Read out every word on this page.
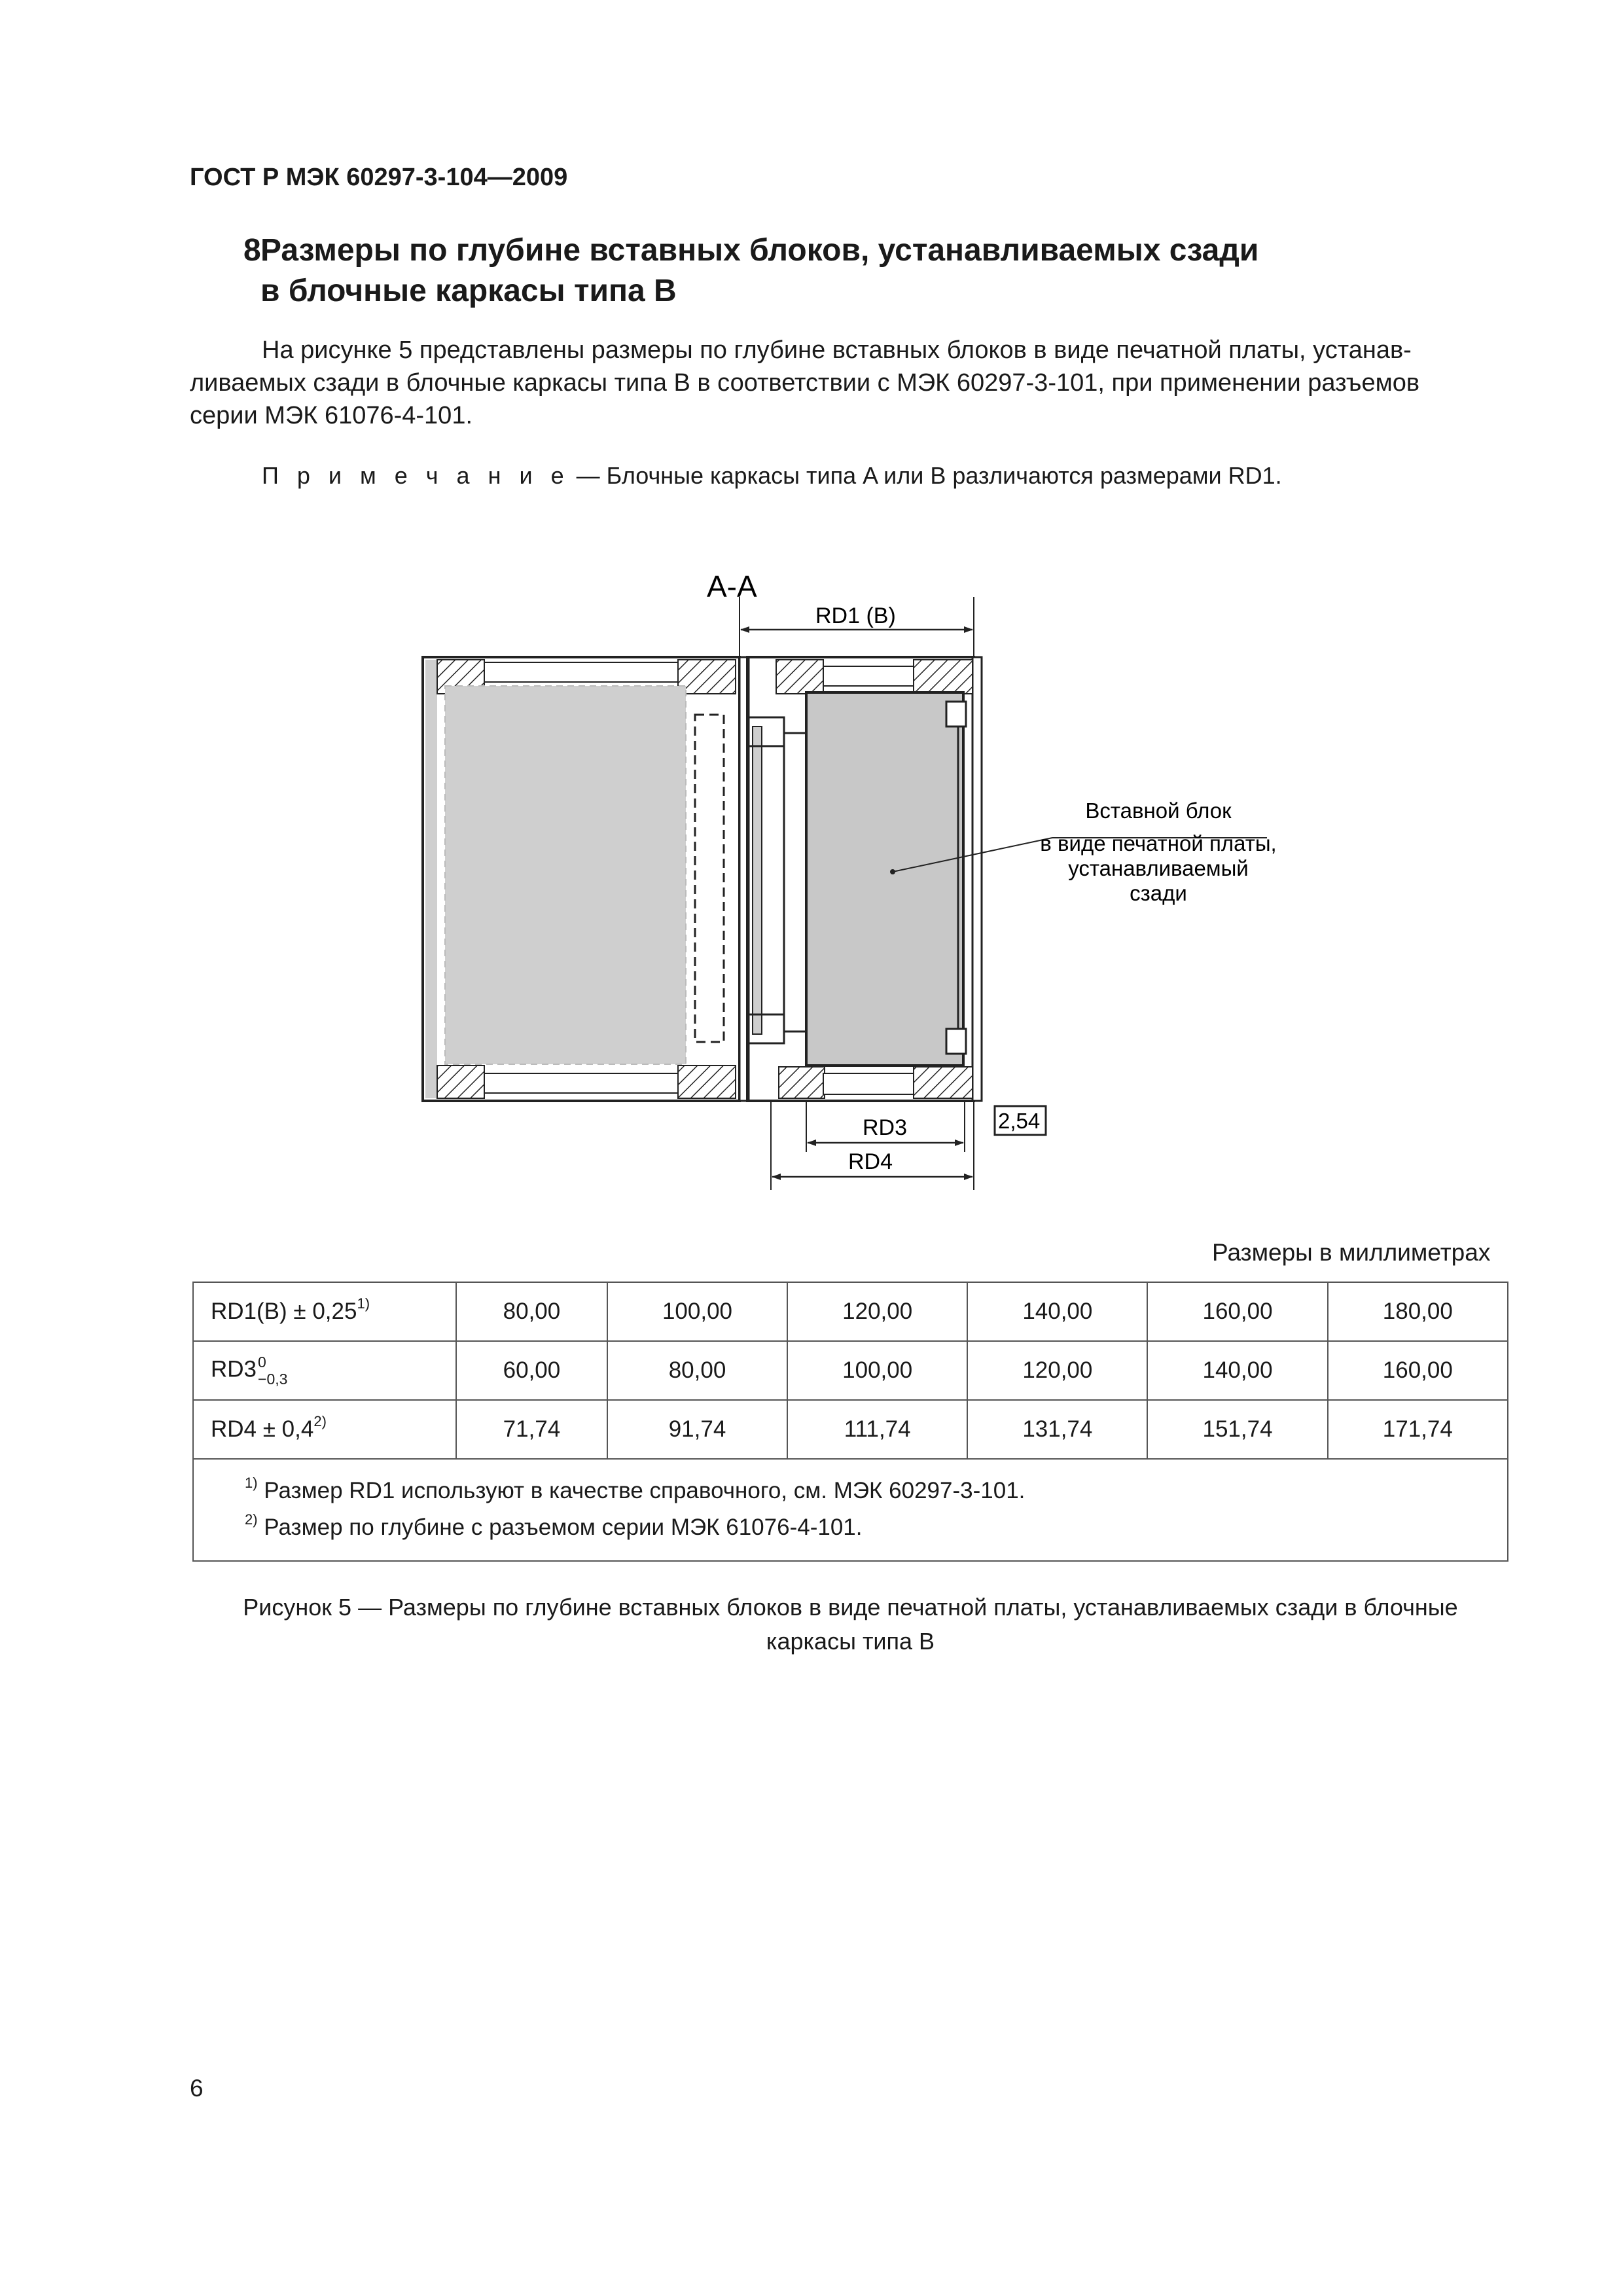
ГОСТ Р МЭК 60297-3-104—2009
8 Размеры по глубине вставных блоков, устанавливаемых сзади
в блочные каркасы типа B
На рисунке 5 представлены размеры по глубине вставных блоков в виде печатной платы, устанав-
ливаемых сзади в блочные каркасы типа B в соответствии с МЭК 60297-3-101, при применении разъемов
серии МЭК 61076-4-101.
П р и м е ч а н и е — Блочные каркасы типа A или B различаются размерами RD1.
A-A
RD1 (B)
Вставной блок
в виде печатной платы,
устанавливаемый
сзади
RD3
RD4
2,54
Размеры в миллиметрах
$RD1(B) \pm 0,25^{1)}$	80,00	100,00	120,00	140,00	160,00	180,00
RD3 0
−0,3	60,00	80,00	100,00	120,00	140,00	160,00
$RD4 \pm 0,4^{2)}$	71,74	91,74	111,74	131,74	151,74	171,74

$^{1)}$ Размер RD1 используют в качестве справочного, см. МЭК 60297-3-101.
$^{2)}$ Размер по глубине с разъемом серии МЭК 61076-4-101.						
Рисунок 5 — Размеры по глубине вставных блоков в виде печатной платы, устанавливаемых сзади в блочные
каркасы типа B
6
